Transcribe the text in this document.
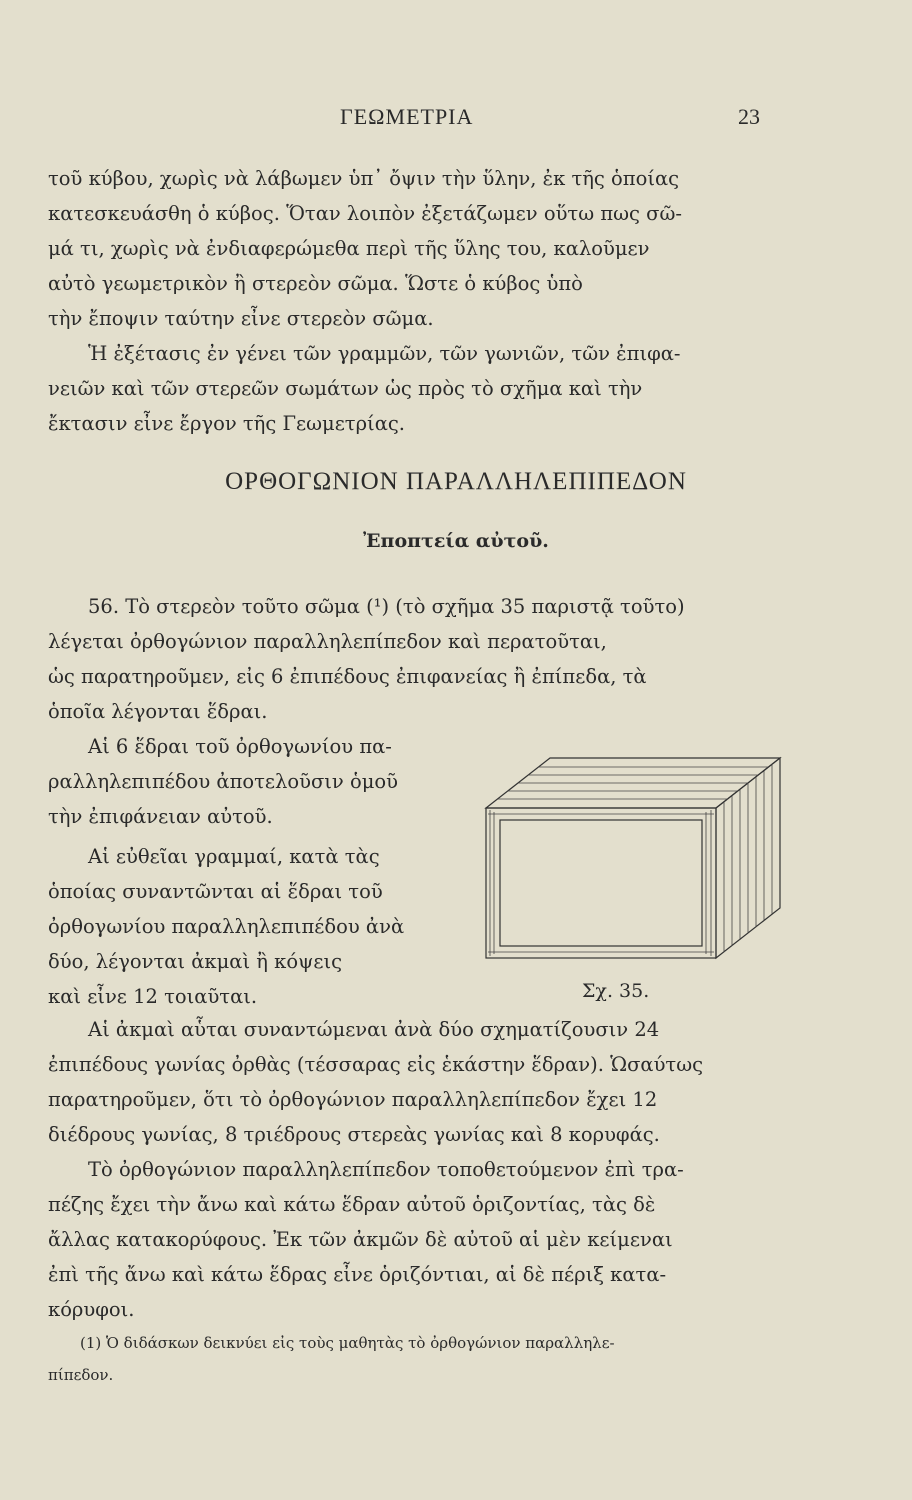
ΓΕΩΜΕΤΡΙΑ	23
τοῦ κύβου, χωρὶς νὰ λάβωμεν ὑπ᾿ ὄψιν τὴν ὕλην, ἐκ τῆς ὁποίας
κατεσκευάσθη ὁ κύβος. Ὅταν λοιπὸν ἐξετάζωμεν οὕτω πως σῶ-
μά τι, χωρὶς νὰ ἐνδιαφερώμεθα περὶ τῆς ὕλης του, καλοῦμεν
αὐτὸ γεωμετρικὸν ἢ στερεὸν σῶμα. Ὥστε ὁ κύβος ὑπὸ
τὴν ἔποψιν ταύτην εἶνε στερεὸν σῶμα.
Ἡ ἐξέτασις ἐν γένει τῶν γραμμῶν, τῶν γωνιῶν, τῶν ἐπιφα-
νειῶν καὶ τῶν στερεῶν σωμάτων ὡς πρὸς τὸ σχῆμα καὶ τὴν
ἔκτασιν εἶνε ἔργον τῆς Γεωμετρίας.
ΟΡΘΟΓΩΝΙΟΝ ΠΑΡΑΛΛΗΛΕΠΙΠΕΔΟΝ
Ἐποπτεία αὐτοῦ.
56. Τὸ στερεὸν τοῦτο σῶμα (¹) (τὸ σχῆμα 35 παριστᾷ τοῦτο)
λέγεται ὀρθογώνιον παραλληλεπίπεδον καὶ περατοῦται,
ὡς παρατηροῦμεν, εἰς 6 ἐπιπέδους ἐπιφανείας ἢ ἐπίπεδα, τὰ
ὁποῖα λέγονται ἕδραι.
Αἱ 6 ἕδραι τοῦ ὀρθογωνίου πα-
ραλληλεπιπέδου ἀποτελοῦσιν ὁμοῦ
τὴν ἐπιφάνειαν αὐτοῦ.
Αἱ εὐθεῖαι γραμμαί, κατὰ τὰς
ὁποίας συναντῶνται αἱ ἕδραι τοῦ
ὀρθογωνίου παραλληλεπιπέδου ἀνὰ
δύο, λέγονται ἀκμαὶ ἢ κόψεις
καὶ εἶνε 12 τοιαῦται.	Σχ. 35.
Αἱ ἀκμαὶ αὗται συναντώμεναι ἀνὰ δύο σχηματίζουσιν 24
ἐπιπέδους γωνίας ὀρθὰς (τέσσαρας εἰς ἑκάστην ἕδραν). Ὡσαύτως
παρατηροῦμεν, ὅτι τὸ ὀρθογώνιον παραλληλεπίπεδον ἔχει 12
διέδρους γωνίας, 8 τριέδρους στερεὰς γωνίας καὶ 8 κορυφάς.
Τὸ ὀρθογώνιον παραλληλεπίπεδον τοποθετούμενον ἐπὶ τρα-
πέζης ἔχει τὴν ἄνω καὶ κάτω ἕδραν αὐτοῦ ὁριζοντίας, τὰς δὲ
ἄλλας κατακορύφους. Ἐκ τῶν ἀκμῶν δὲ αὐτοῦ αἱ μὲν κείμεναι
ἐπὶ τῆς ἄνω καὶ κάτω ἕδρας εἶνε ὁριζόντιαι, αἱ δὲ πέριξ κατα-
κόρυφοι.
(1) Ὁ διδάσκων δεικνύει εἰς τοὺς μαθητὰς τὸ ὀρθογώνιον παραλληλε-
πίπεδον.
